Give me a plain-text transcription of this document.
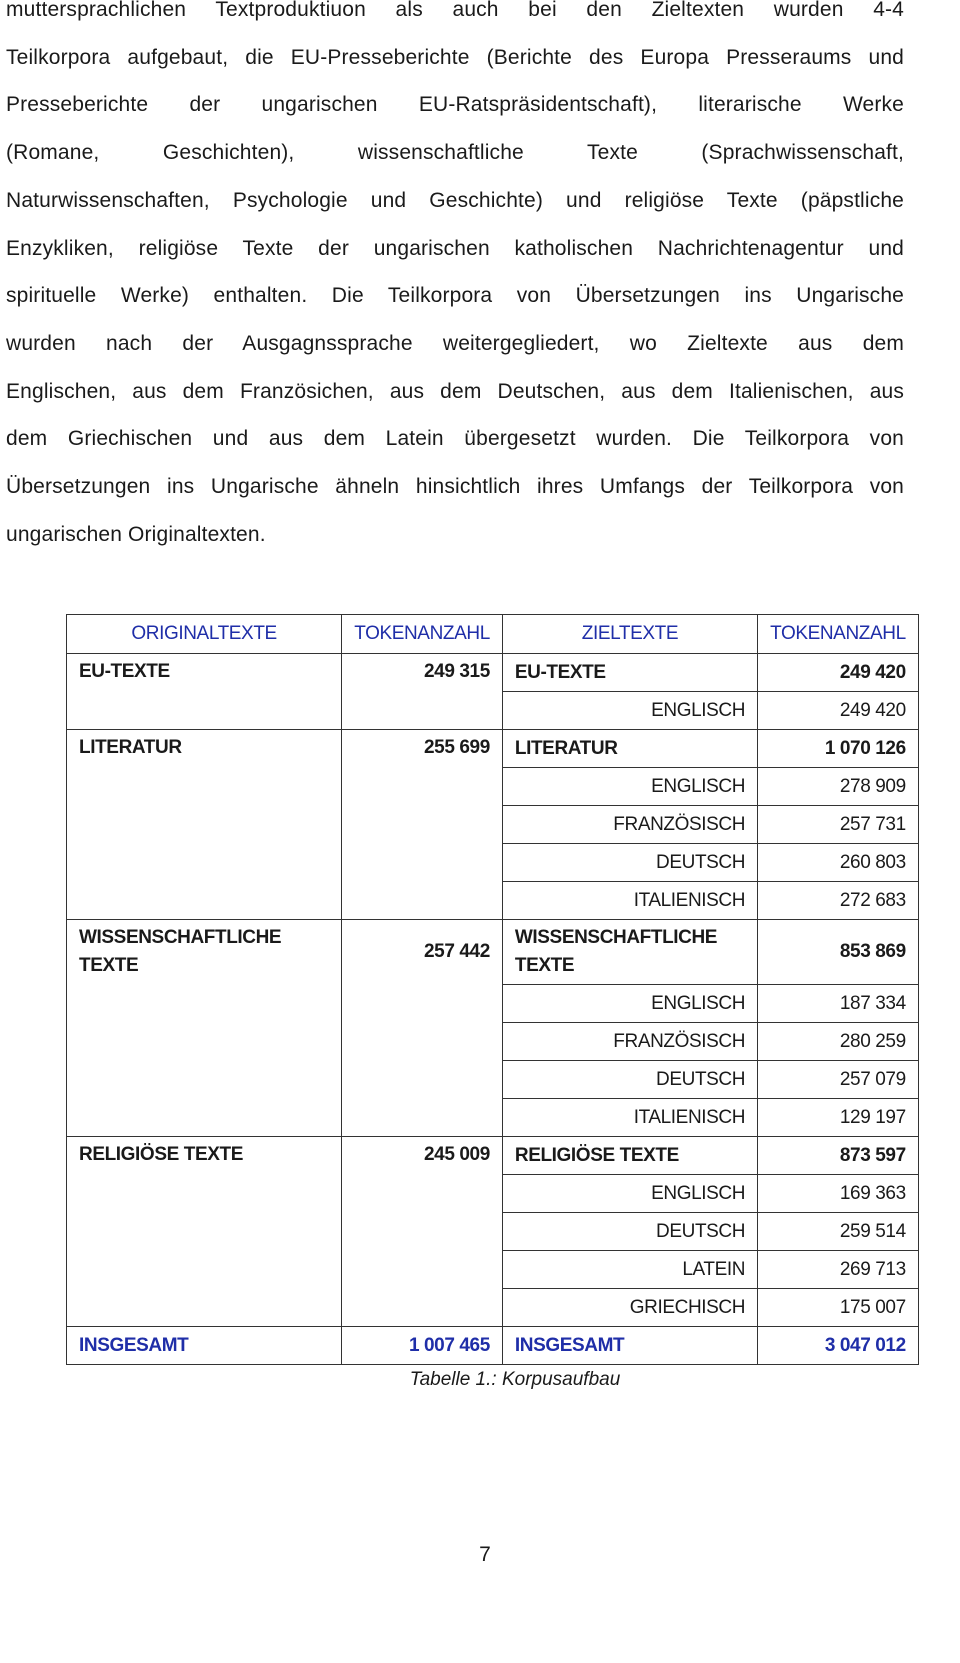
muttersprachlichen Textproduktiuon als auch bei den Zieltexten wurden 4-4
Teilkorpora aufgebaut, die EU-Presseberichte (Berichte des Europa Presseraums und
Presseberichte der ungarischen EU-Ratspräsidentschaft), literarische Werke
(Romane, Geschichten), wissenschaftliche Texte (Sprachwissenschaft,
Naturwissenschaften, Psychologie und Geschichte) und religiöse Texte (päpstliche
Enzykliken, religiöse Texte der ungarischen katholischen Nachrichtenagentur und
spirituelle Werke) enthalten. Die Teilkorpora von Übersetzungen ins Ungarische
wurden nach der Ausgagnssprache weitergegliedert, wo Zieltexte aus dem
Englischen, aus dem Französichen, aus dem Deutschen, aus dem Italienischen, aus
dem Griechischen und aus dem Latein übergesetzt wurden. Die Teilkorpora von
Übersetzungen ins Ungarische ähneln hinsichtlich ihres Umfangs der Teilkorpora von
ungarischen Originaltexten.

ORIGINALTEXTE	TOKENANZAHL	ZIELTEXTE	TOKENANZAHL
EU-TEXTE	249 315	EU-TEXTE	249 420
		ENGLISCH	249 420
LITERATUR	255 699	LITERATUR	1 070 126
		ENGLISCH	278 909
		FRANZÖSISCH	257 731
		DEUTSCH	260 803
		ITALIENISCH	272 683
WISSENSCHAFTLICHE TEXTE	257 442	WISSENSCHAFTLICHE TEXTE	853 869
		ENGLISCH	187 334
		FRANZÖSISCH	280 259
		DEUTSCH	257 079
		ITALIENISCH	129 197
RELIGIÖSE TEXTE	245 009	RELIGIÖSE TEXTE	873 597
		ENGLISCH	169 363
		DEUTSCH	259 514
		LATEIN	269 713
		GRIECHISCH	175 007
INSGESAMT	1 007 465	INSGESAMT	3 047 012
Tabelle 1.: Korpusaufbau
7
